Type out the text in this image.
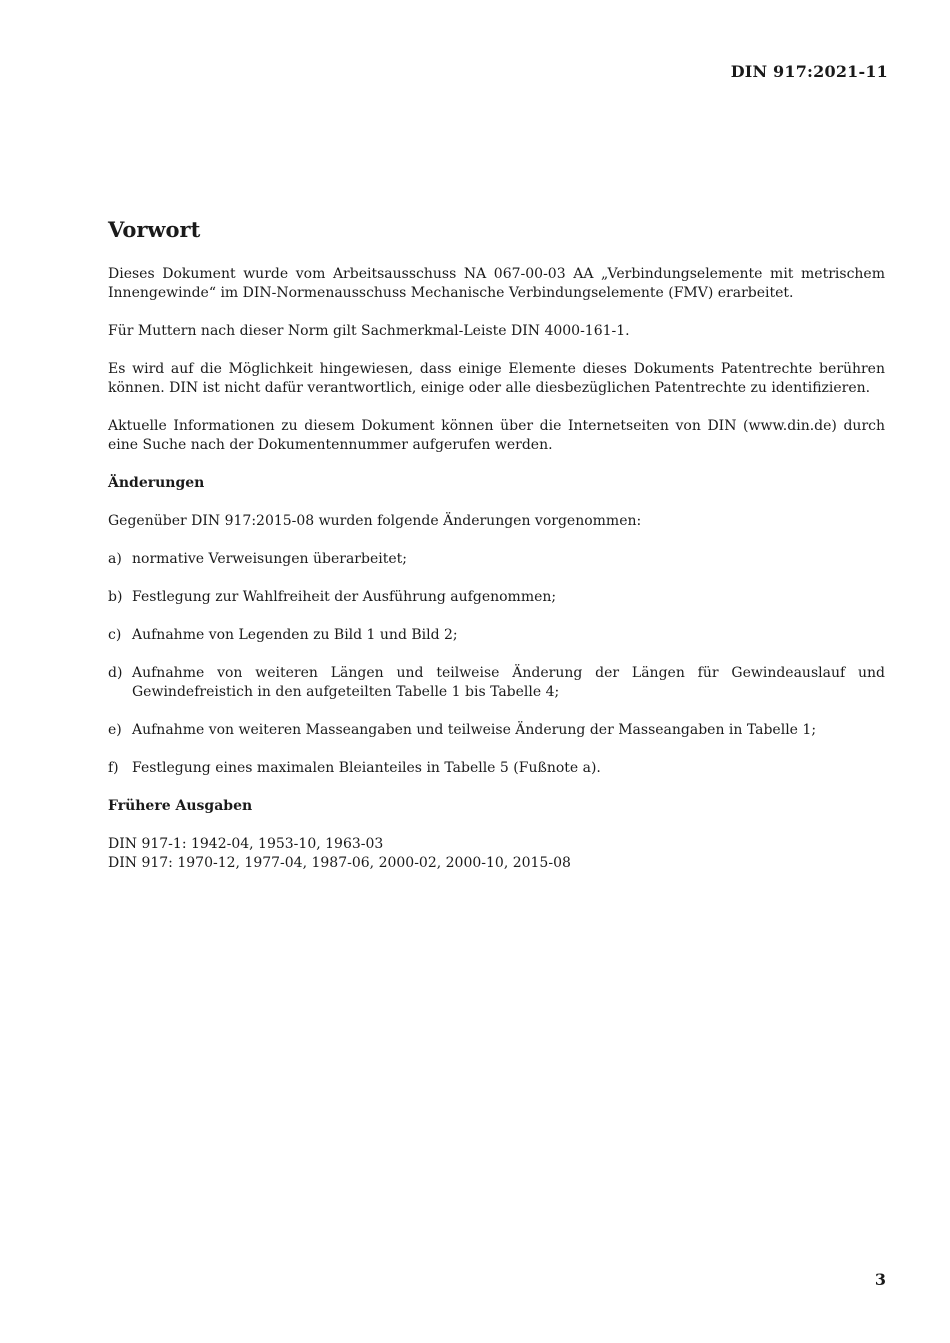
DIN 917:2021-11
Vorwort

Dieses Dokument wurde vom Arbeitsausschuss NA 067-00-03 AA „Verbindungselemente mit metrischem Innengewinde“ im DIN-Normenausschuss Mechanische Verbindungselemente (FMV) erarbeitet.

Für Muttern nach dieser Norm gilt Sachmerkmal-Leiste DIN 4000-161-1.

Es wird auf die Möglichkeit hingewiesen, dass einige Elemente dieses Dokuments Patentrechte berühren können. DIN ist nicht dafür verantwortlich, einige oder alle diesbezüglichen Patentrechte zu identifizieren.

Aktuelle Informationen zu diesem Dokument können über die Internetseiten von DIN (www.din.de) durch eine Suche nach der Dokumentennummer aufgerufen werden.

Änderungen

Gegenüber DIN 917:2015-08 wurden folgende Änderungen vorgenommen:

a) normative Verweisungen überarbeitet;
b) Festlegung zur Wahlfreiheit der Ausführung aufgenommen;
c) Aufnahme von Legenden zu Bild 1 und Bild 2;
d) Aufnahme von weiteren Längen und teilweise Änderung der Längen für Gewindeauslauf und Gewindefreistich in den aufgeteilten Tabelle 1 bis Tabelle 4;
e) Aufnahme von weiteren Masseangaben und teilweise Änderung der Masseangaben in Tabelle 1;
f) Festlegung eines maximalen Bleianteiles in Tabelle 5 (Fußnote a).
Frühere Ausgaben
DIN 917-1: 1942-04, 1953-10, 1963-03
DIN 917: 1970-12, 1977-04, 1987-06, 2000-02, 2000-10, 2015-08
3
